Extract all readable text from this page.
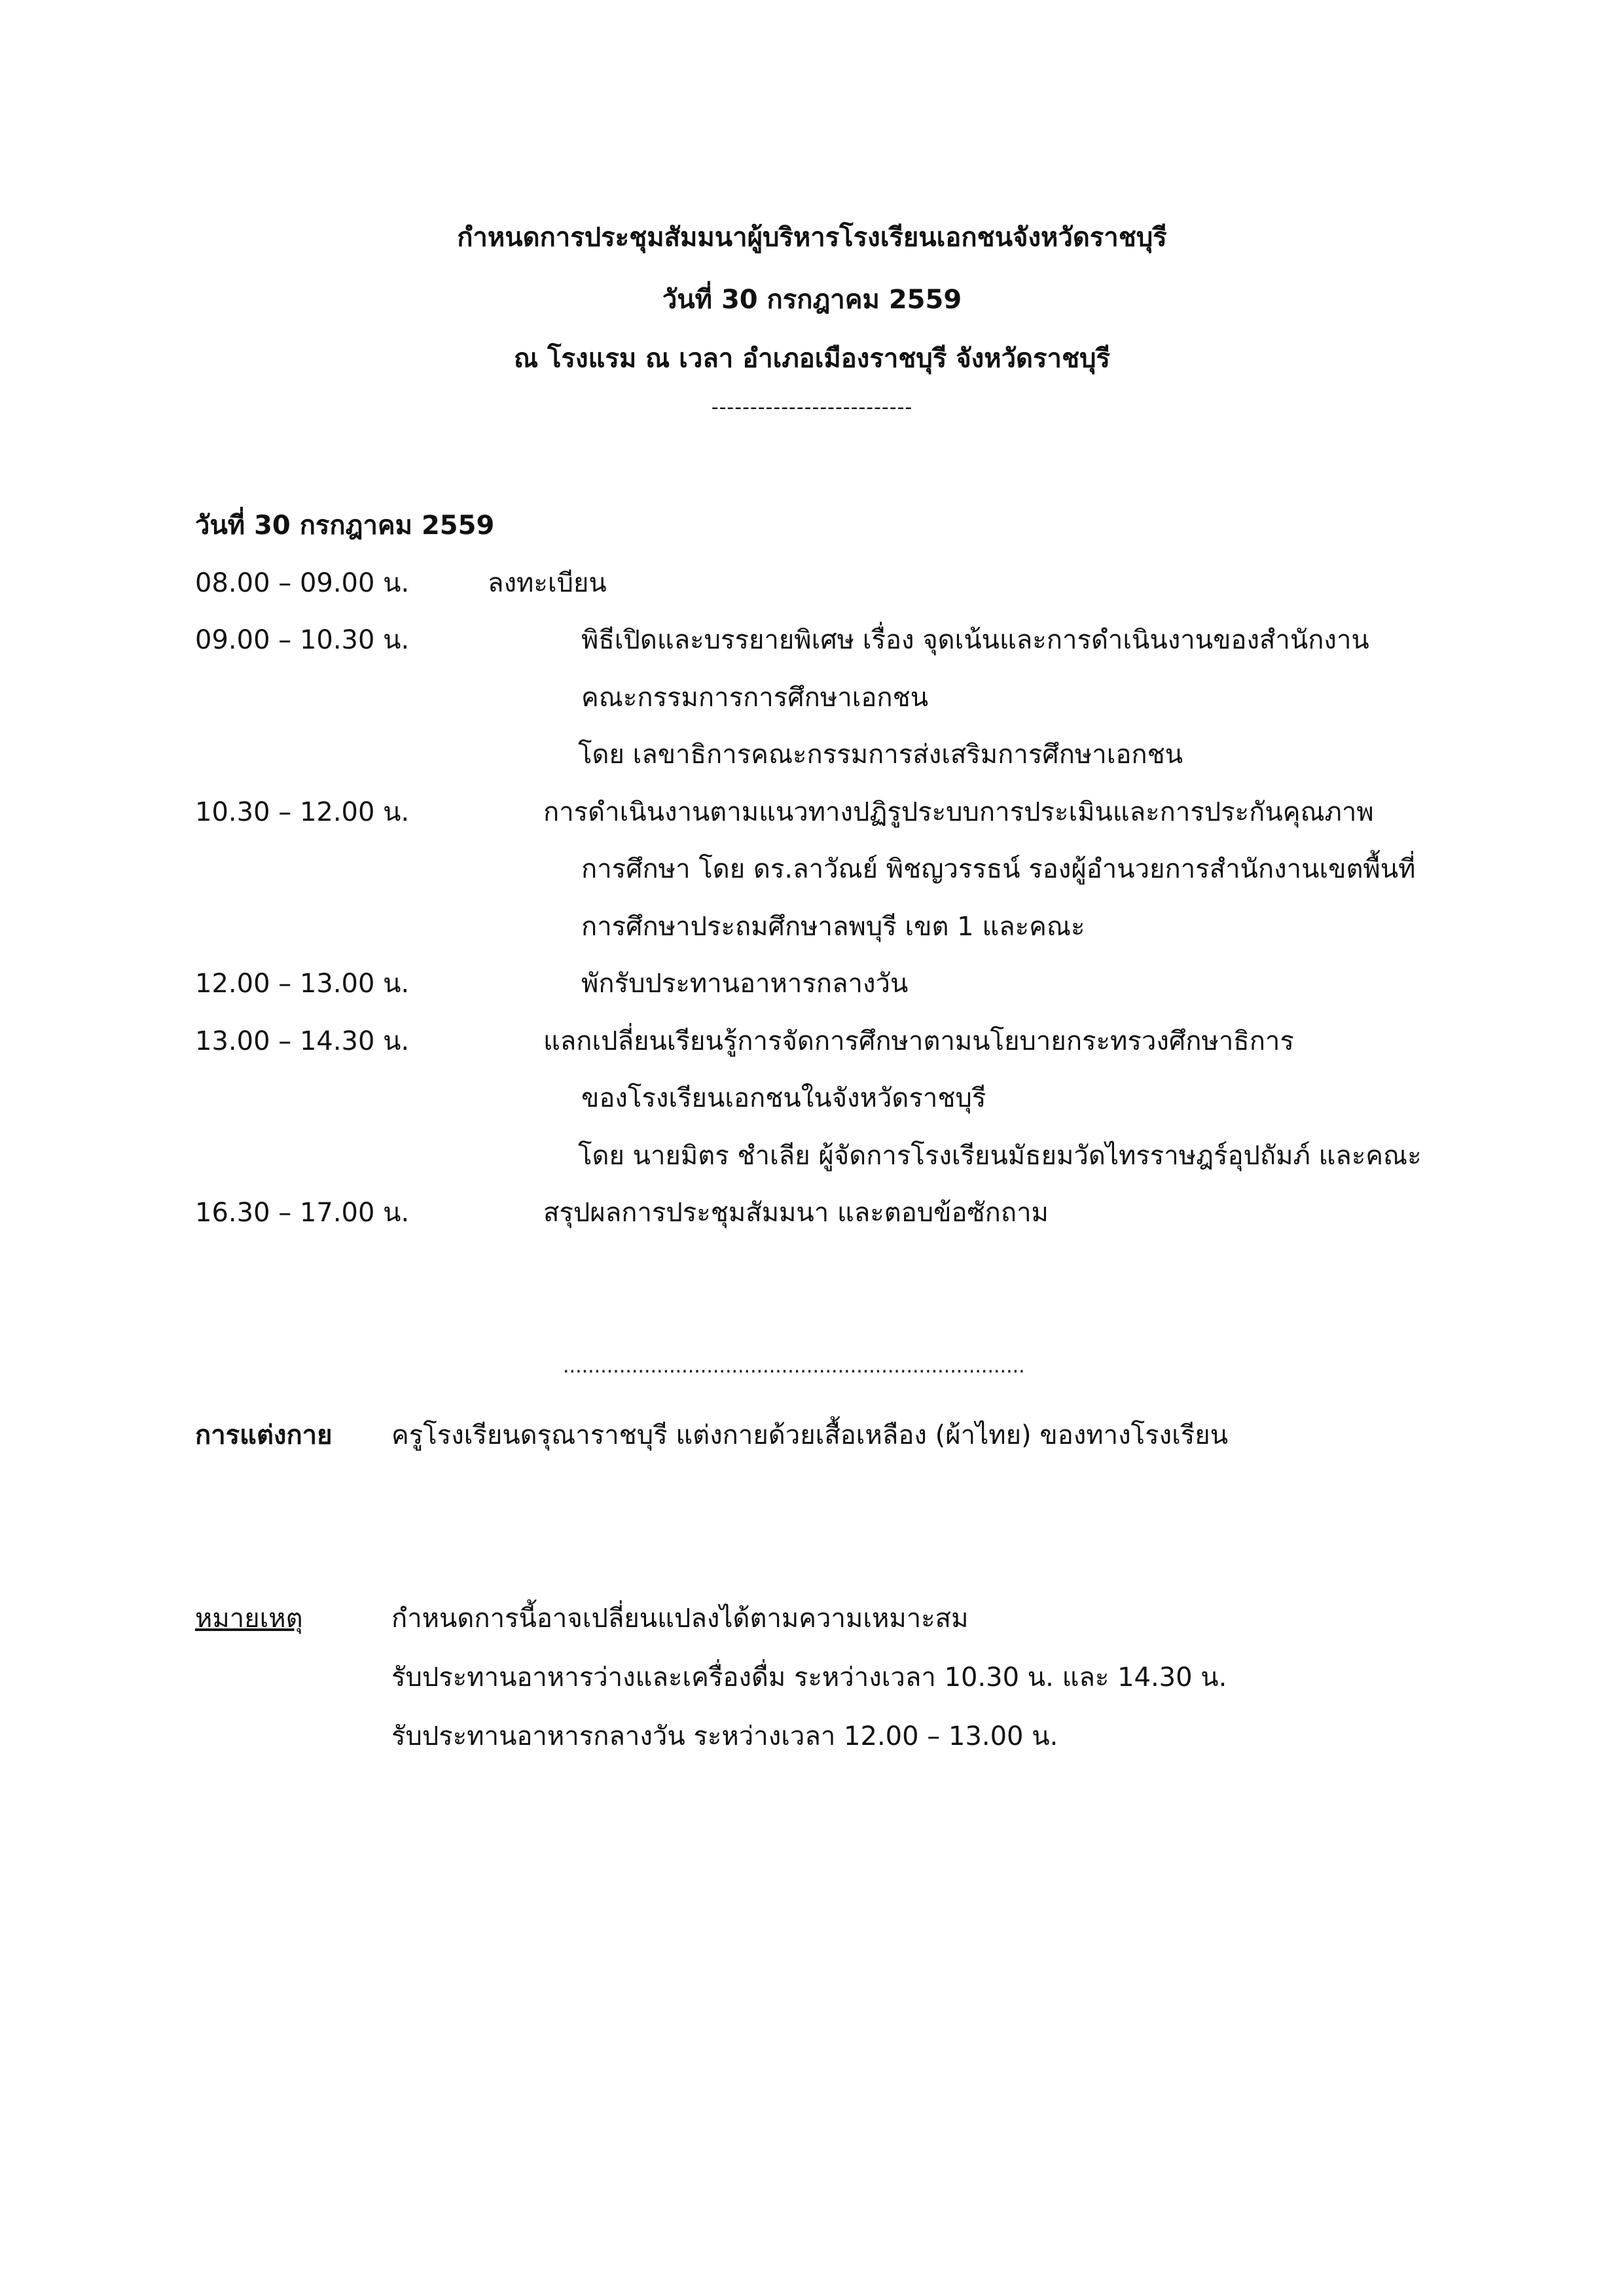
กำหนดการประชุมสัมมนาผู้บริหารโรงเรียนเอกชนจังหวัดราชบุรี
วันที่ 30 กรกฎาคม 2559
ณ โรงแรม ณ เวลา อำเภอเมืองราชบุรี จังหวัดราชบุรี
--------------------------
วันที่ 30 กรกฎาคม 2559
08.00 – 09.00 น.	ลงทะเบียน
09.00 – 10.30 น.	พิธีเปิดและบรรยายพิเศษ เรื่อง จุดเน้นและการดำเนินงานของสำนักงาน
คณะกรรมการการศึกษาเอกชน
โดย เลขาธิการคณะกรรมการส่งเสริมการศึกษาเอกชน
10.30 – 12.00 น.	การดำเนินงานตามแนวทางปฏิรูประบบการประเมินและการประกันคุณภาพ
การศึกษา โดย ดร.ลาวัณย์ พิชญวรรธน์ รองผู้อำนวยการสำนักงานเขตพื้นที่
การศึกษาประถมศึกษาลพบุรี เขต 1 และคณะ
12.00 – 13.00 น.	พักรับประทานอาหารกลางวัน
13.00 – 14.30 น.	แลกเปลี่ยนเรียนรู้การจัดการศึกษาตามนโยบายกระทรวงศึกษาธิการ
ของโรงเรียนเอกชนในจังหวัดราชบุรี
โดย นายมิตร ชำเลีย ผู้จัดการโรงเรียนมัธยมวัดไทรราษฎร์อุปถัมภ์ และคณะ
16.30 – 17.00 น.	สรุปผลการประชุมสัมมนา และตอบข้อซักถาม
..........................................................................
การแต่งกาย ครูโรงเรียนดรุณาราชบุรี แต่งกายด้วยเสื้อเหลือง (ผ้าไทย) ของทางโรงเรียน
หมายเหตุ	กำหนดการนี้อาจเปลี่ยนแปลงได้ตามความเหมาะสม
รับประทานอาหารว่างและเครื่องดื่ม ระหว่างเวลา 10.30 น. และ 14.30 น.
รับประทานอาหารกลางวัน ระหว่างเวลา 12.00 – 13.00 น.
